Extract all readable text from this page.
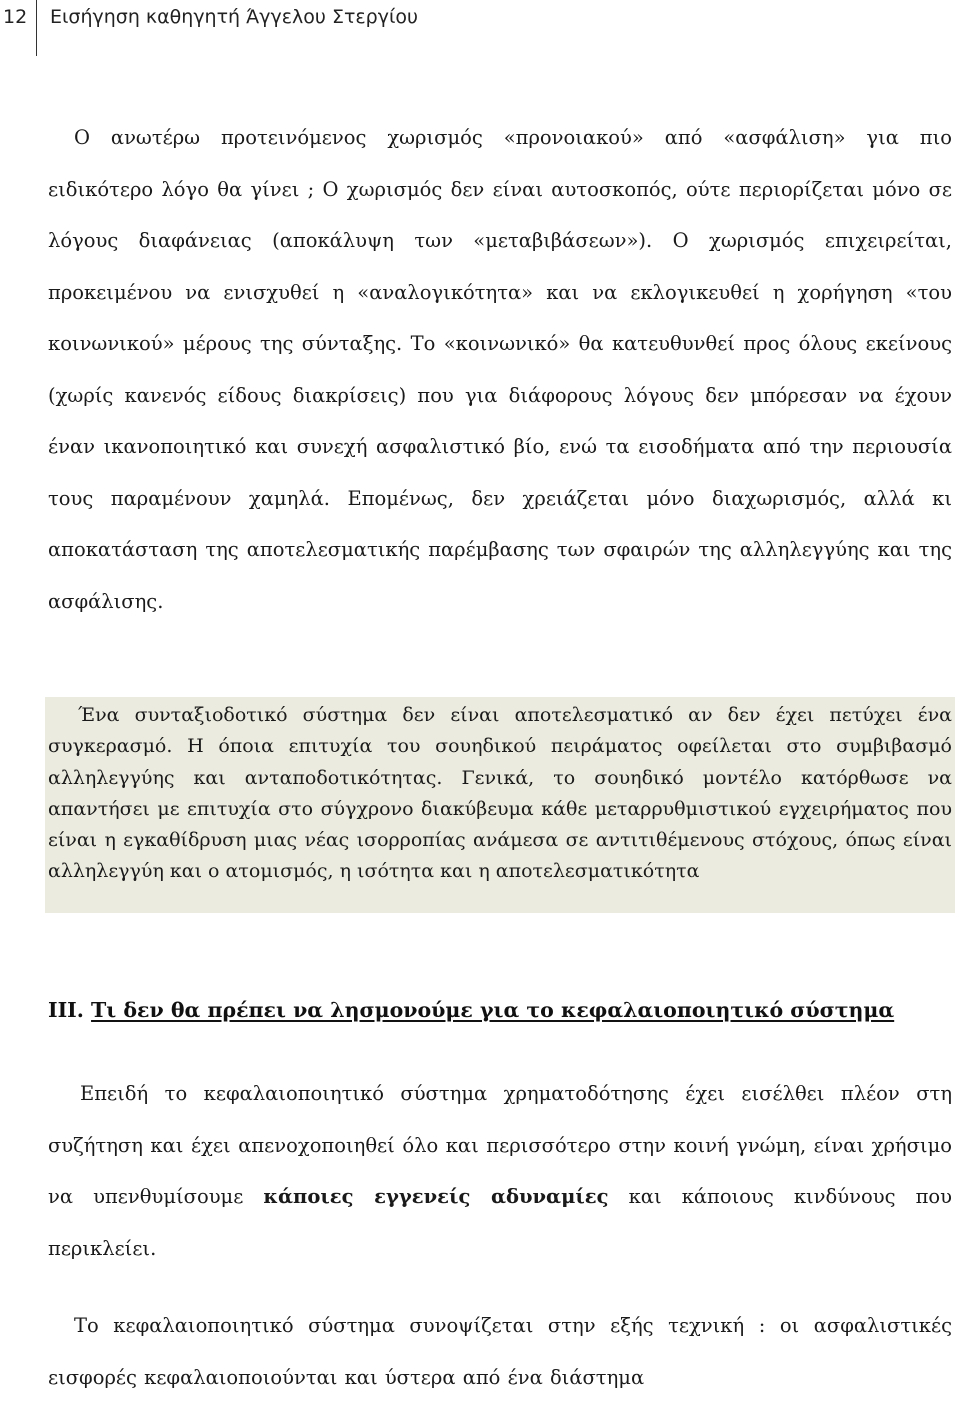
12 Εισήγηση καθηγητή Άγγελου Στεργίου

Ο ανωτέρω προτεινόμενος χωρισμός «προνοιακού» από «ασφάλιση» για πιο ειδικότερο λόγο θα γίνει ; Ο χωρισμός δεν είναι αυτοσκοπός, ούτε περιορίζεται μόνο σε λόγους διαφάνειας (αποκάλυψη των «μεταβιβάσεων»). Ο χωρισμός επιχειρείται, προκειμένου να ενισχυθεί η «αναλογικότητα» και να εκλογικευθεί η χορήγηση «του κοινωνικού» μέρους της σύνταξης. Το «κοινωνικό» θα κατευθυνθεί προς όλους εκείνους (χωρίς κανενός είδους διακρίσεις) που για διάφορους λόγους δεν μπόρεσαν να έχουν έναν ικανοποιητικό και συνεχή ασφαλιστικό βίο, ενώ τα εισοδήματα από την περιουσία τους παραμένουν χαμηλά. Επομένως, δεν χρειάζεται μόνο διαχωρισμός, αλλά κι αποκατάσταση της αποτελεσματικής παρέμβασης των σφαιρών της αλληλεγγύης και της ασφάλισης.

Ένα συνταξιοδοτικό σύστημα δεν είναι αποτελεσματικό αν δεν έχει πετύχει ένα συγκερασμό. Η όποια επιτυχία του σουηδικού πειράματος οφείλεται στο συμβιβασμό αλληλεγγύης και ανταποδοτικότητας. Γενικά, το σουηδικό μοντέλο κατόρθωσε να απαντήσει με επιτυχία στο σύγχρονο διακύβευμα κάθε μεταρρυθμιστικού εγχειρήματος που είναι η εγκαθίδρυση μιας νέας ισορροπίας ανάμεσα σε αντιτιθέμενους στόχους, όπως είναι αλληλεγγύη και ο ατομισμός, η ισότητα και η αποτελεσματικότητα

ΙΙΙ. Τι δεν θα πρέπει να λησμονούμε για το κεφαλαιοποιητικό σύστημα

Επειδή το κεφαλαιοποιητικό σύστημα χρηματοδότησης έχει εισέλθει πλέον στη συζήτηση και έχει απενοχοποιηθεί όλο και περισσότερο στην κοινή γνώμη, είναι χρήσιμο να υπενθυμίσουμε κάποιες εγγενείς αδυναμίες και κάποιους κινδύνους που περικλείει.

Το κεφαλαιοποιητικό σύστημα συνοψίζεται στην εξής τεχνική : οι ασφαλιστικές εισφορές κεφαλαιοποιούνται και ύστερα από ένα διάστημα
